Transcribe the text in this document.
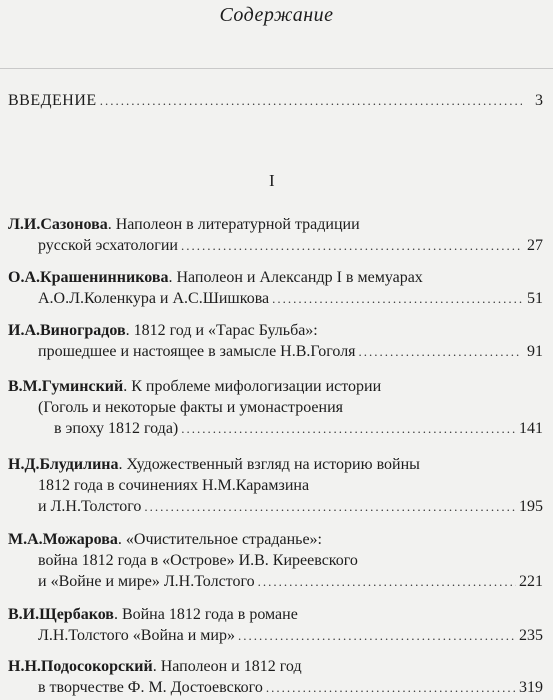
Содержание
ВВЕДЕНИЕ .....	3
I
Л.И.Сазонова. Наполеон в литературной традиции
русской эсхатологии .....	27
О.А.Крашенинникова. Наполеон и Александр I в мемуарах
А.О.Л.Коленкура и А.С.Шишкова .....	51
И.А.Виноградов. 1812 год и «Тарас Бульба»:
прошедшее и настоящее в замысле Н.В.Гоголя .....	91
В.М.Гуминский. К проблеме мифологизации истории
(Гоголь и некоторые факты и умонастроения
в эпоху 1812 года) .....	141
Н.Д.Блудилина. Художественный взгляд на историю войны
1812 года в сочинениях Н.М.Карамзина
и Л.Н.Толстого .....	195
М.А.Можарова. «Очистительное страданье»:
война 1812 года в «Острове» И.В. Киреевского
и «Войне и мире» Л.Н.Толстого .....	221
В.И.Щербаков. Война 1812 года в романе
Л.Н.Толстого «Война и мир» .....	235
Н.Н.Подосокорский. Наполеон и 1812 год
в творчестве Ф. М. Достоевского .....	319
